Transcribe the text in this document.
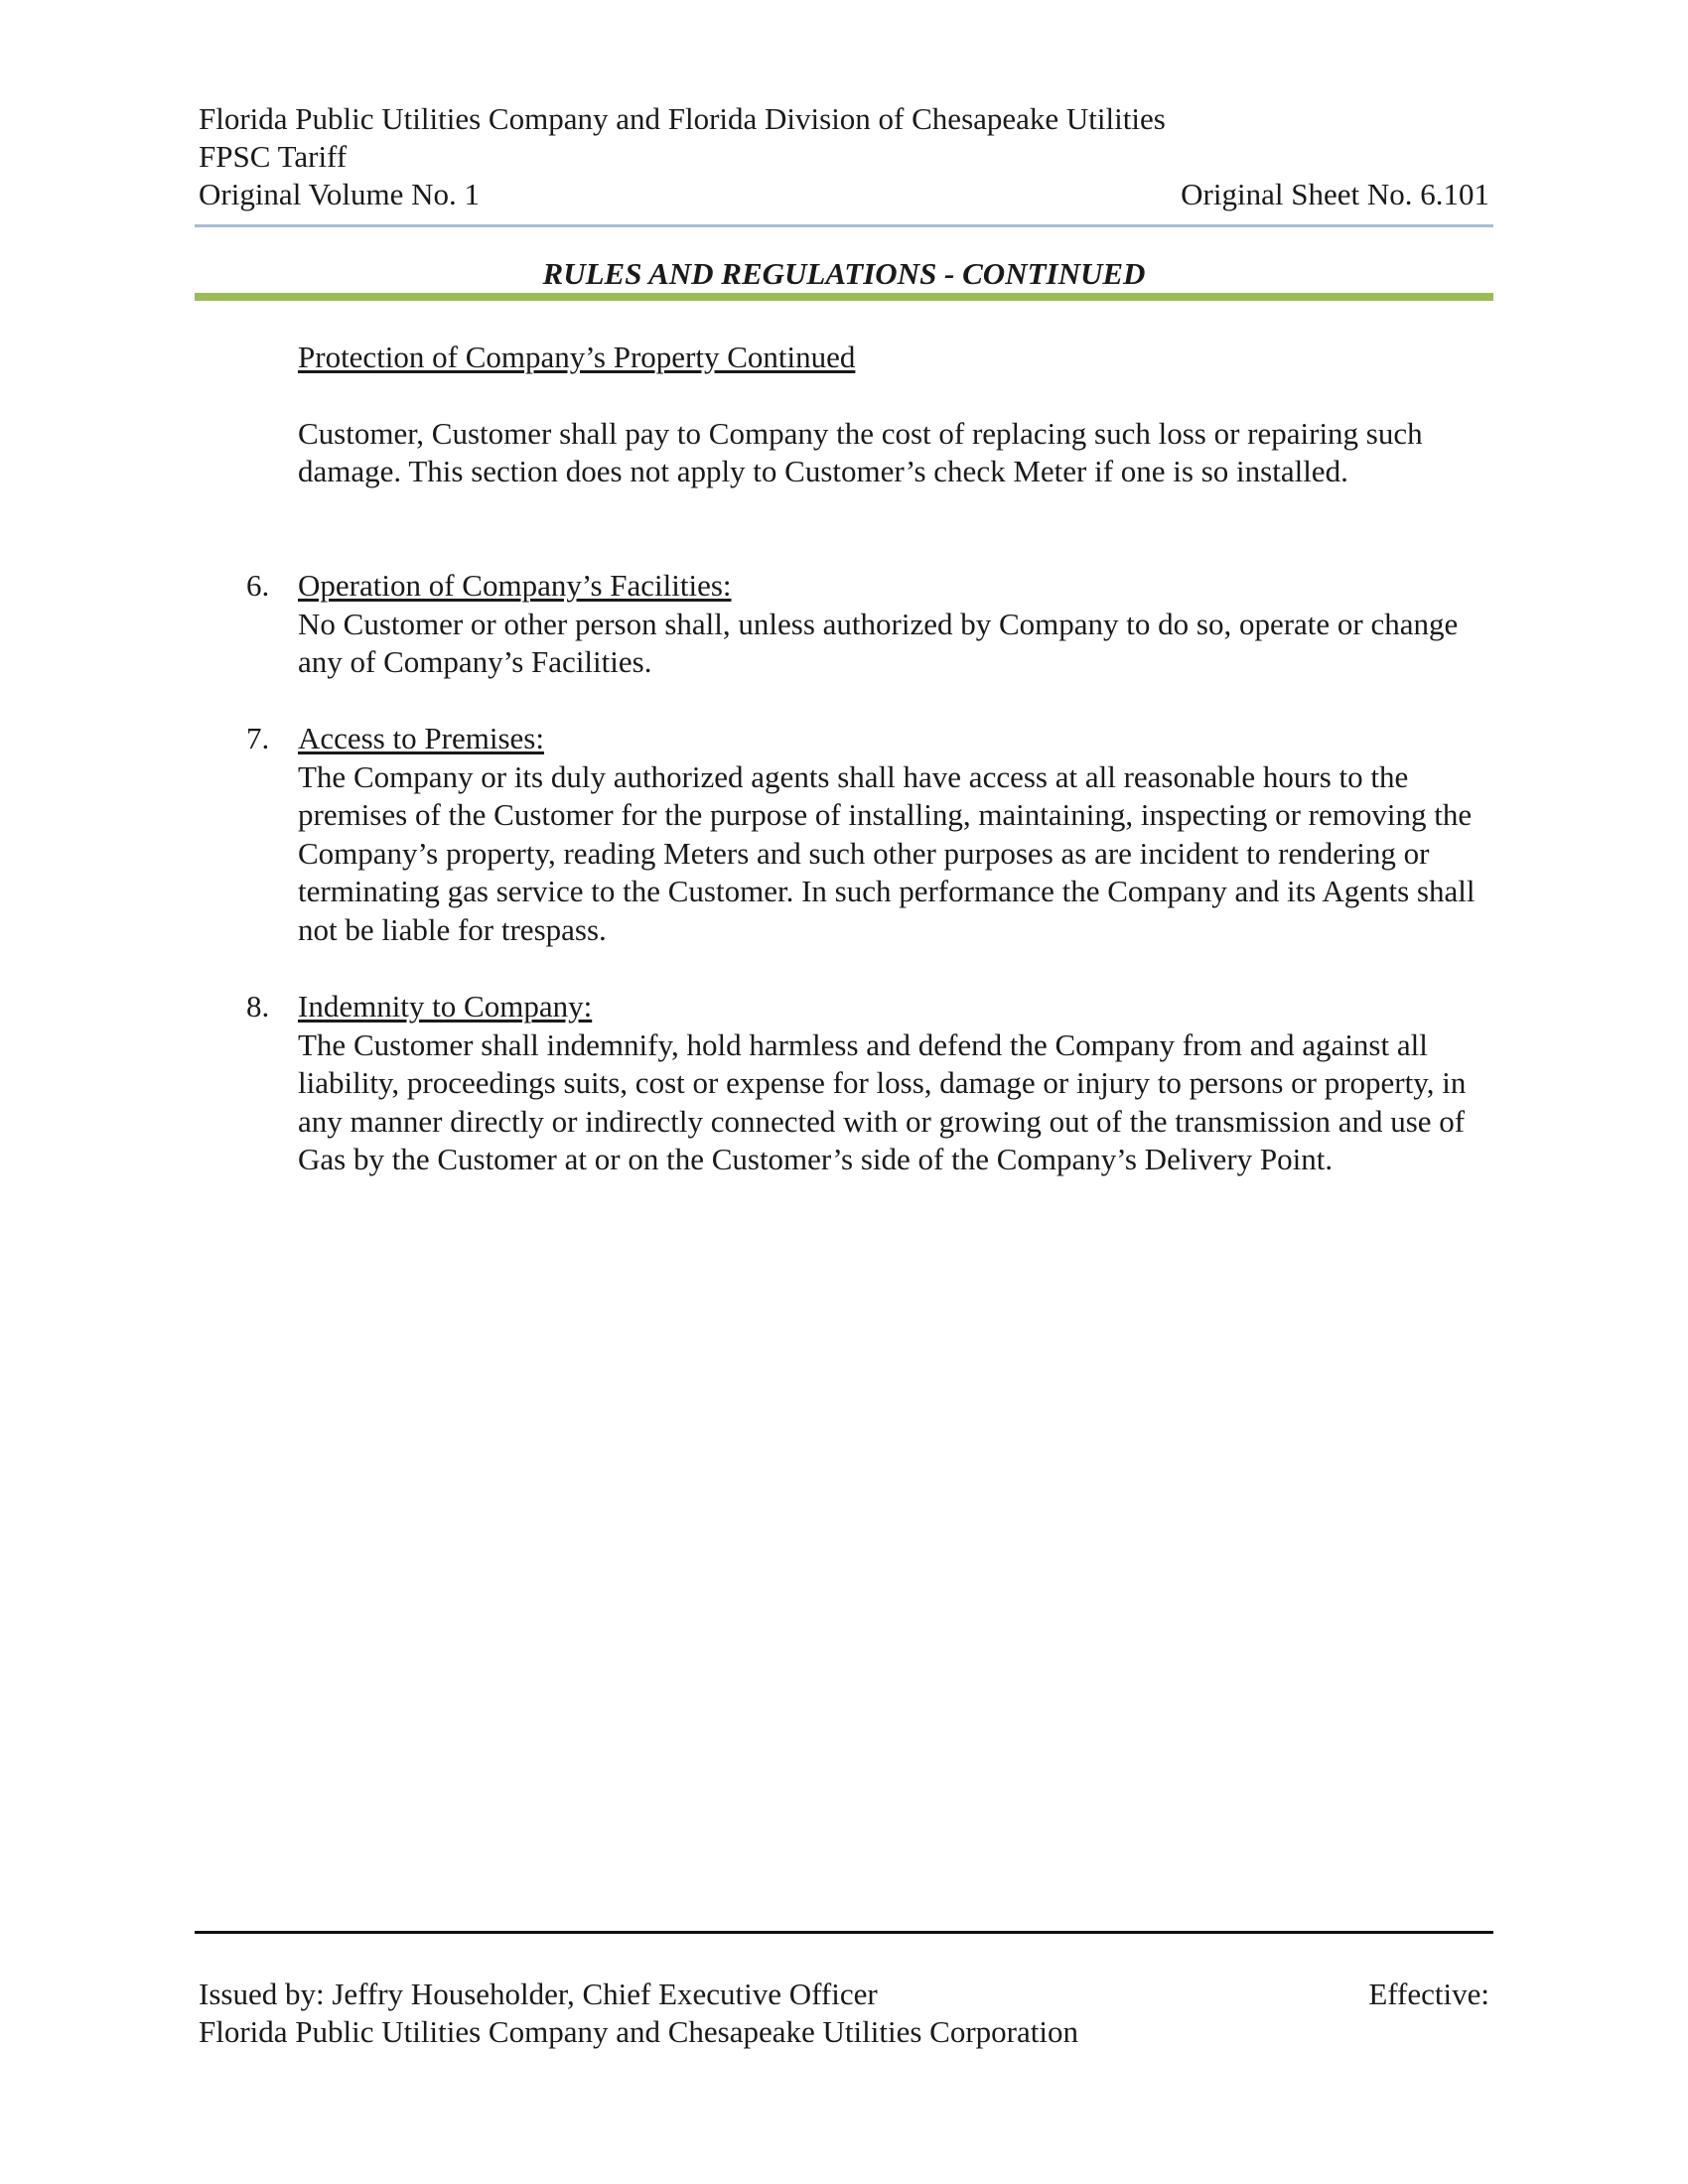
Florida Public Utilities Company and Florida Division of Chesapeake Utilities
FPSC Tariff
Original Volume No. 1	Original Sheet No. 6.101
RULES AND REGULATIONS - CONTINUED

Protection of Company’s Property Continued

Customer, Customer shall pay to Company the cost of replacing such loss or repairing such damage. This section does not apply to Customer’s check Meter if one is so installed.

6. Operation of Company’s Facilities:

No Customer or other person shall, unless authorized by Company to do so, operate or change any of Company’s Facilities.

7. Access to Premises:

The Company or its duly authorized agents shall have access at all reasonable hours to the premises of the Customer for the purpose of installing, maintaining, inspecting or removing the Company’s property, reading Meters and such other purposes as are incident to rendering or terminating gas service to the Customer. In such performance the Company and its Agents shall not be liable for trespass.

8. Indemnity to Company:

The Customer shall indemnify, hold harmless and defend the Company from and against all liability, proceedings suits, cost or expense for loss, damage or injury to persons or property, in any manner directly or indirectly connected with or growing out of the transmission and use of Gas by the Customer at or on the Customer’s side of the Company’s Delivery Point.

Issued by: Jeffry Householder, Chief Executive Officer	Effective:
Florida Public Utilities Company and Chesapeake Utilities Corporation
